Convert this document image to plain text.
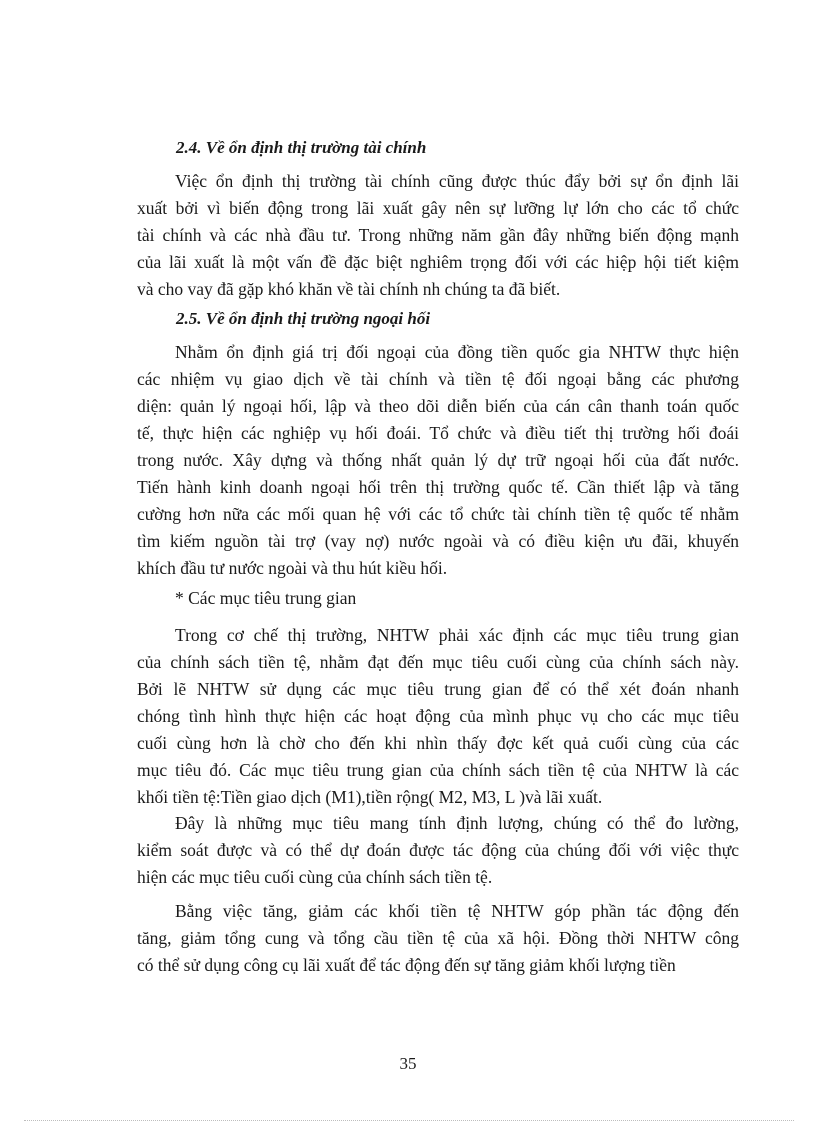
2.4. Về ổn định thị trường tài chính
Việc ổn định thị trường tài chính cũng được thúc đẩy bởi sự ổn định lãi
xuất bởi vì biến động trong lãi xuất gây nên sự lưỡng lự lớn cho các tổ chức
tài chính và các nhà đầu tư. Trong những năm gần đây những biến động mạnh
của lãi xuất là một vấn đề đặc biệt nghiêm trọng đối với các hiệp hội tiết kiệm
và cho vay đã gặp khó khăn về tài chính nh chúng ta đã biết.
2.5. Về ổn định thị trường ngoại hối
Nhằm ổn định giá trị đối ngoại của đồng tiền quốc gia NHTW thực hiện
các nhiệm vụ giao dịch về tài chính và tiền tệ đối ngoại bằng các phương
diện: quản lý ngoại hối, lập và theo dõi diễn biến của cán cân thanh toán quốc
tế, thực hiện các nghiệp vụ hối đoái. Tổ chức và điều tiết thị trường hối đoái
trong nước. Xây dựng và thống nhất quản lý dự trữ ngoại hối của đất nước.
Tiến hành kinh doanh ngoại hối trên thị trường quốc tế. Cần thiết lập và tăng
cường hơn nữa các mối quan hệ với các tổ chức tài chính tiền tệ quốc tế nhằm
tìm kiếm nguồn tài trợ (vay nợ) nước ngoài và có điều kiện ưu đãi, khuyến
khích đầu tư nước ngoài và thu hút kiều hối.
* Các mục tiêu trung gian
Trong cơ chế thị trường, NHTW phải xác định các mục tiêu trung gian
của chính sách tiền tệ, nhằm đạt đến mục tiêu cuối cùng của chính sách này.
Bởi lẽ NHTW sử dụng các mục tiêu trung gian để có thể xét đoán nhanh
chóng tình hình thực hiện các hoạt động của mình phục vụ cho các mục tiêu
cuối cùng hơn là chờ cho đến khi nhìn thấy đợc kết quả cuối cùng của các
mục tiêu đó. Các mục tiêu trung gian của chính sách tiền tệ của NHTW là các
khối tiền tệ:Tiền giao dịch (M1),tiền rộng( M2, M3, L )và lãi xuất.
Đây là những mục tiêu mang tính định lượng, chúng có thể đo lường,
kiểm soát được và có thể dự đoán được tác động của chúng đối với việc thực
hiện các mục tiêu cuối cùng của chính sách tiền tệ.
Bằng việc tăng, giảm các khối tiền tệ NHTW góp phần tác động đến
tăng, giảm tổng cung và tổng cầu tiền tệ của xã hội. Đồng thời NHTW công
có thể sử dụng công cụ lãi xuất để tác động đến sự tăng giảm khối lượng tiền
35
